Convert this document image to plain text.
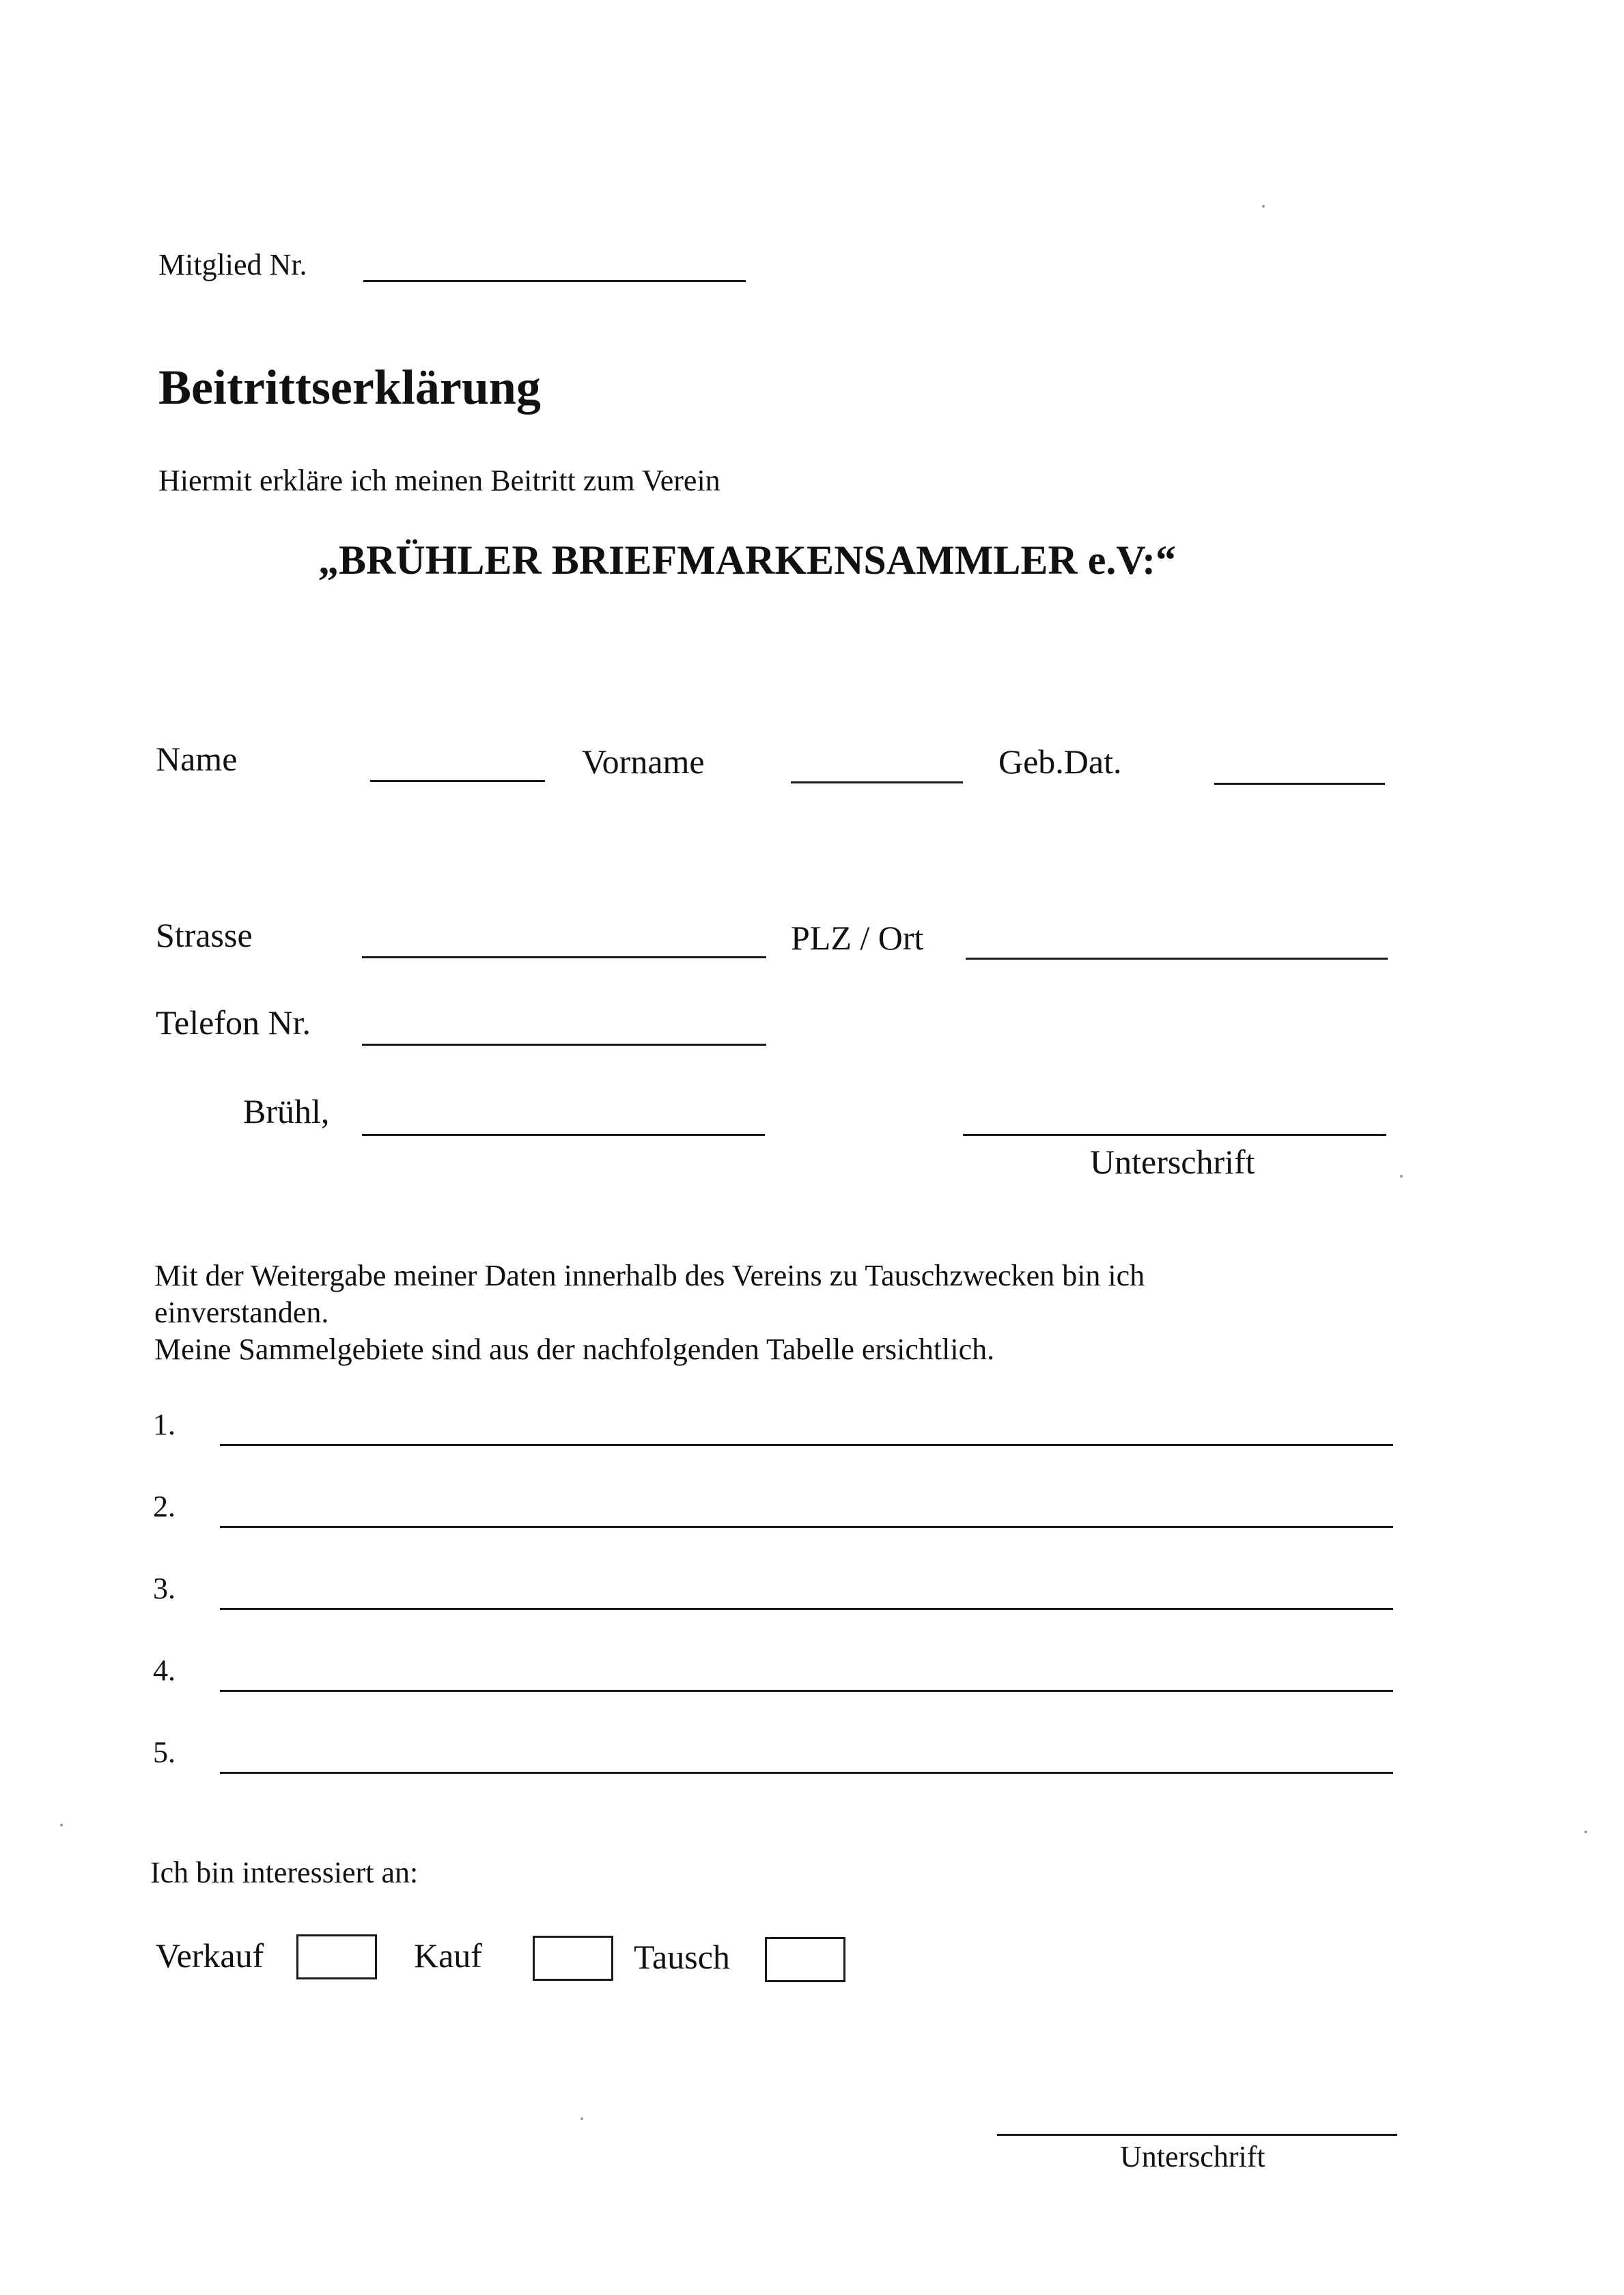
Mitglied Nr.
Beitrittserklärung
Hiermit erkläre ich meinen Beitritt zum Verein
„BRÜHLER BRIEFMARKENSAMMLER e.V:“
Name	Vorname	Geb.Dat.
Strasse	PLZ / Ort
Telefon Nr.
Brühl,
Unterschrift
Mit der Weitergabe meiner Daten innerhalb des Vereins zu Tauschzwecken bin ich
einverstanden.
Meine Sammelgebiete sind aus der nachfolgenden Tabelle ersichtlich.
1.
2.
3.
4.
5.
Ich bin interessiert an:
Verkauf	Kauf	Tausch
Unterschrift
